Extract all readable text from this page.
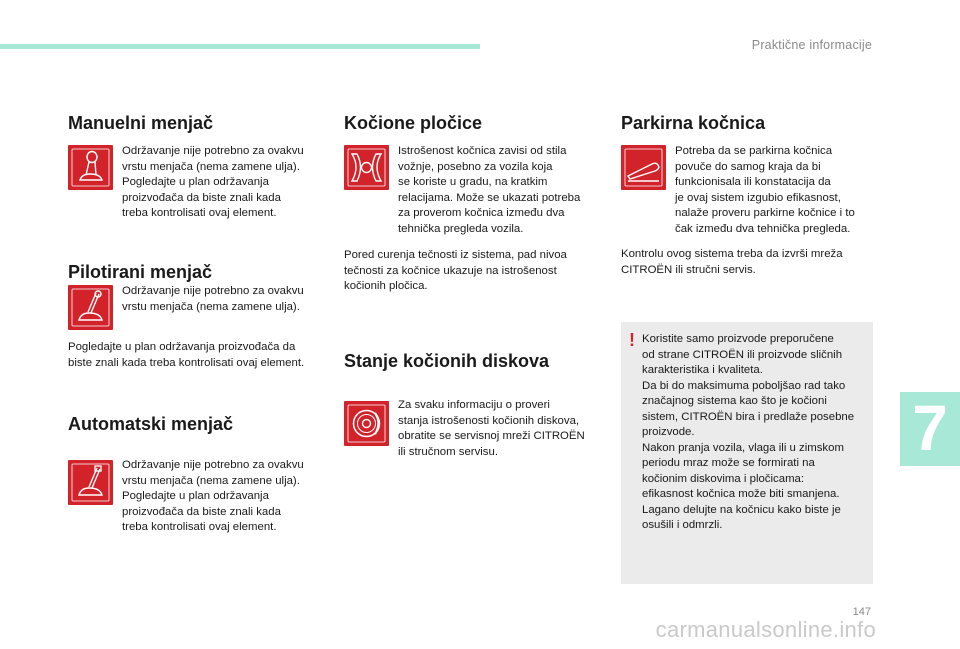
Praktične informacije
Manuelni menjač
Održavanje nije potrebno za ovakvu
vrstu menjača (nema zamene ulja).
Pogledajte u plan održavanja
proizvođača da biste znali kada
treba kontrolisati ovaj element.
Pilotirani menjač
Održavanje nije potrebno za ovakvu
vrstu menjača (nema zamene ulja).
Pogledajte u plan održavanja proizvođača da
biste znali kada treba kontrolisati ovaj element.
Automatski menjač
Održavanje nije potrebno za ovakvu
vrstu menjača (nema zamene ulja).
Pogledajte u plan održavanja
proizvođača da biste znali kada
treba kontrolisati ovaj element.
Kočione pločice
Istrošenost kočnica zavisi od stila
vožnje, posebno za vozila koja
se koriste u gradu, na kratkim
relacijama. Može se ukazati potreba
za proverom kočnica između dva
tehnička pregleda vozila.
Pored curenja tečnosti iz sistema, pad nivoa
tečnosti za kočnice ukazuje na istrošenost
kočionih pločica.
Stanje kočionih diskova
Za svaku informaciju o proveri
stanja istrošenosti kočionih diskova,
obratite se servisnoj mreži CITROËN
ili stručnom servisu.
Parkirna kočnica
Potreba da se parkirna kočnica
povuče do samog kraja da bi
funkcionisala ili konstatacija da
je ovaj sistem izgubio efikasnost,
nalaže proveru parkirne kočnice i to
čak između dva tehnička pregleda.
Kontrolu ovog sistema treba da izvrši mreža
CITROËN ili stručni servis.
! Koristite samo proizvode preporučene
od strane CITROËN ili proizvode sličnih
karakteristika i kvaliteta.
Da bi do maksimuma poboljšao rad tako
značajnog sistema kao što je kočioni
sistem, CITROËN bira i predlaže posebne
proizvode.
Nakon pranja vozila, vlaga ili u zimskom
periodu mraz može se formirati na
kočionim diskovima i pločicama:
efikasnost kočnica može biti smanjena.
Lagano delujte na kočnicu kako biste je
osušili i odmrzli.
7
147
carmanualsonline.info
